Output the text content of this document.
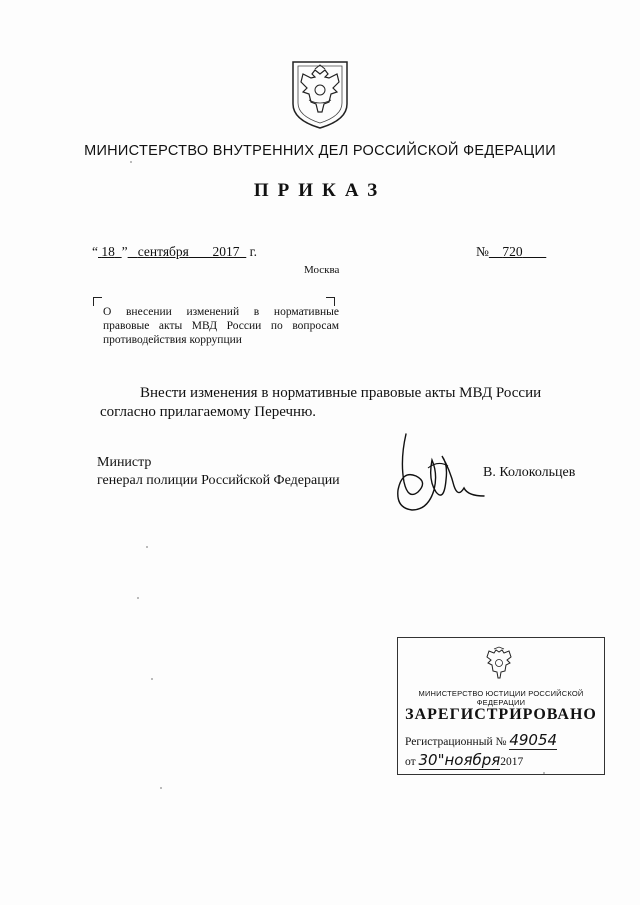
МИНИСТЕРСТВО ВНУТРЕННИХ ДЕЛ РОССИЙСКОЙ ФЕДЕРАЦИИ
ПРИКАЗ
“ 18 ” сентября 2017 г.	№ 720
Москва
О внесении изменений в нормативные правовые акты МВД России по вопросам противодействия коррупции
Внести изменения в нормативные правовые акты МВД России согласно прилагаемому Перечню.
Министр
генерал полиции Российской Федерации
В. Колокольцев
МИНИСТЕРСТВО ЮСТИЦИИ РОССИЙСКОЙ ФЕДЕРАЦИИ
ЗАРЕГИСТРИРОВАНО
Регистрационный № 49054
от 30"ноября2017
